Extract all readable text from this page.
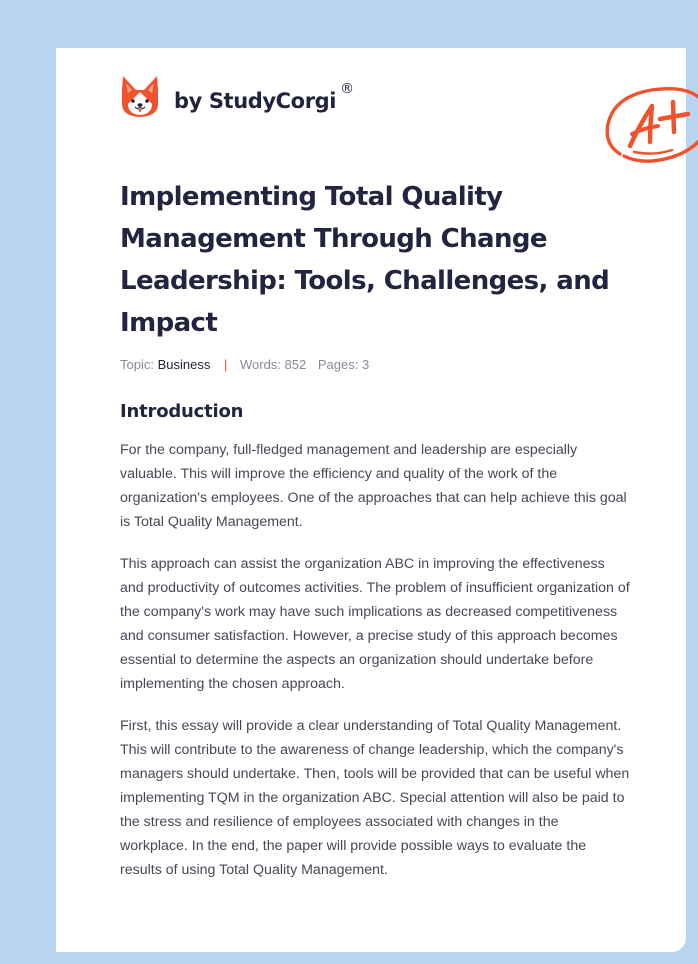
by StudyCorgi ®
Implementing Total Quality Management Through Change Leadership: Tools, Challenges, and Impact
Topic: Business | Words: 852 Pages: 3
Introduction

For the company, full-fledged management and leadership are especially valuable. This will improve the efficiency and quality of the work of the organization's employees. One of the approaches that can help achieve this goal is Total Quality Management.

This approach can assist the organization ABC in improving the effectiveness and productivity of outcomes activities. The problem of insufficient organization of the company's work may have such implications as decreased competitiveness and consumer satisfaction. However, a precise study of this approach becomes essential to determine the aspects an organization should undertake before implementing the chosen approach.

First, this essay will provide a clear understanding of Total Quality Management. This will contribute to the awareness of change leadership, which the company's managers should undertake. Then, tools will be provided that can be useful when implementing TQM in the organization ABC. Special attention will also be paid to the stress and resilience of employees associated with changes in the workplace. In the end, the paper will provide possible ways to evaluate the results of using Total Quality Management.
